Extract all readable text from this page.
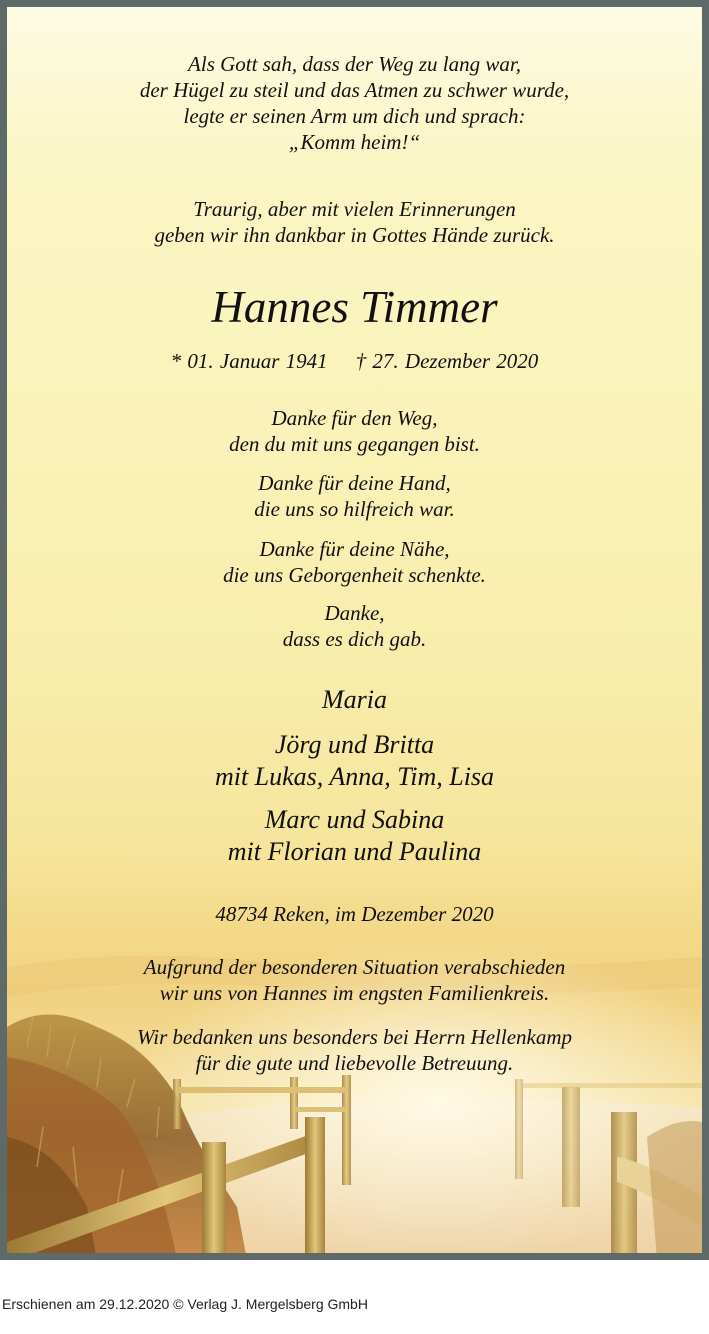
Als Gott sah, dass der Weg zu lang war,
der Hügel zu steil und das Atmen zu schwer wurde,
legte er seinen Arm um dich und sprach:
„Komm heim!“
Traurig, aber mit vielen Erinnerungen
geben wir ihn dankbar in Gottes Hände zurück.
Hannes Timmer
* 01. Januar 1941 † 27. Dezember 2020
Danke für den Weg,
den du mit uns gegangen bist.
Danke für deine Hand,
die uns so hilfreich war.
Danke für deine Nähe,
die uns Geborgenheit schenkte.
Danke,
dass es dich gab.
Maria
Jörg und Britta
mit Lukas, Anna, Tim, Lisa
Marc und Sabina
mit Florian und Paulina
48734 Reken, im Dezember 2020
Aufgrund der besonderen Situation verabschieden
wir uns von Hannes im engsten Familienkreis.
Wir bedanken uns besonders bei Herrn Hellenkamp
für die gute und liebevolle Betreuung.
Erschienen am 29.12.2020 © Verlag J. Mergelsberg GmbH
